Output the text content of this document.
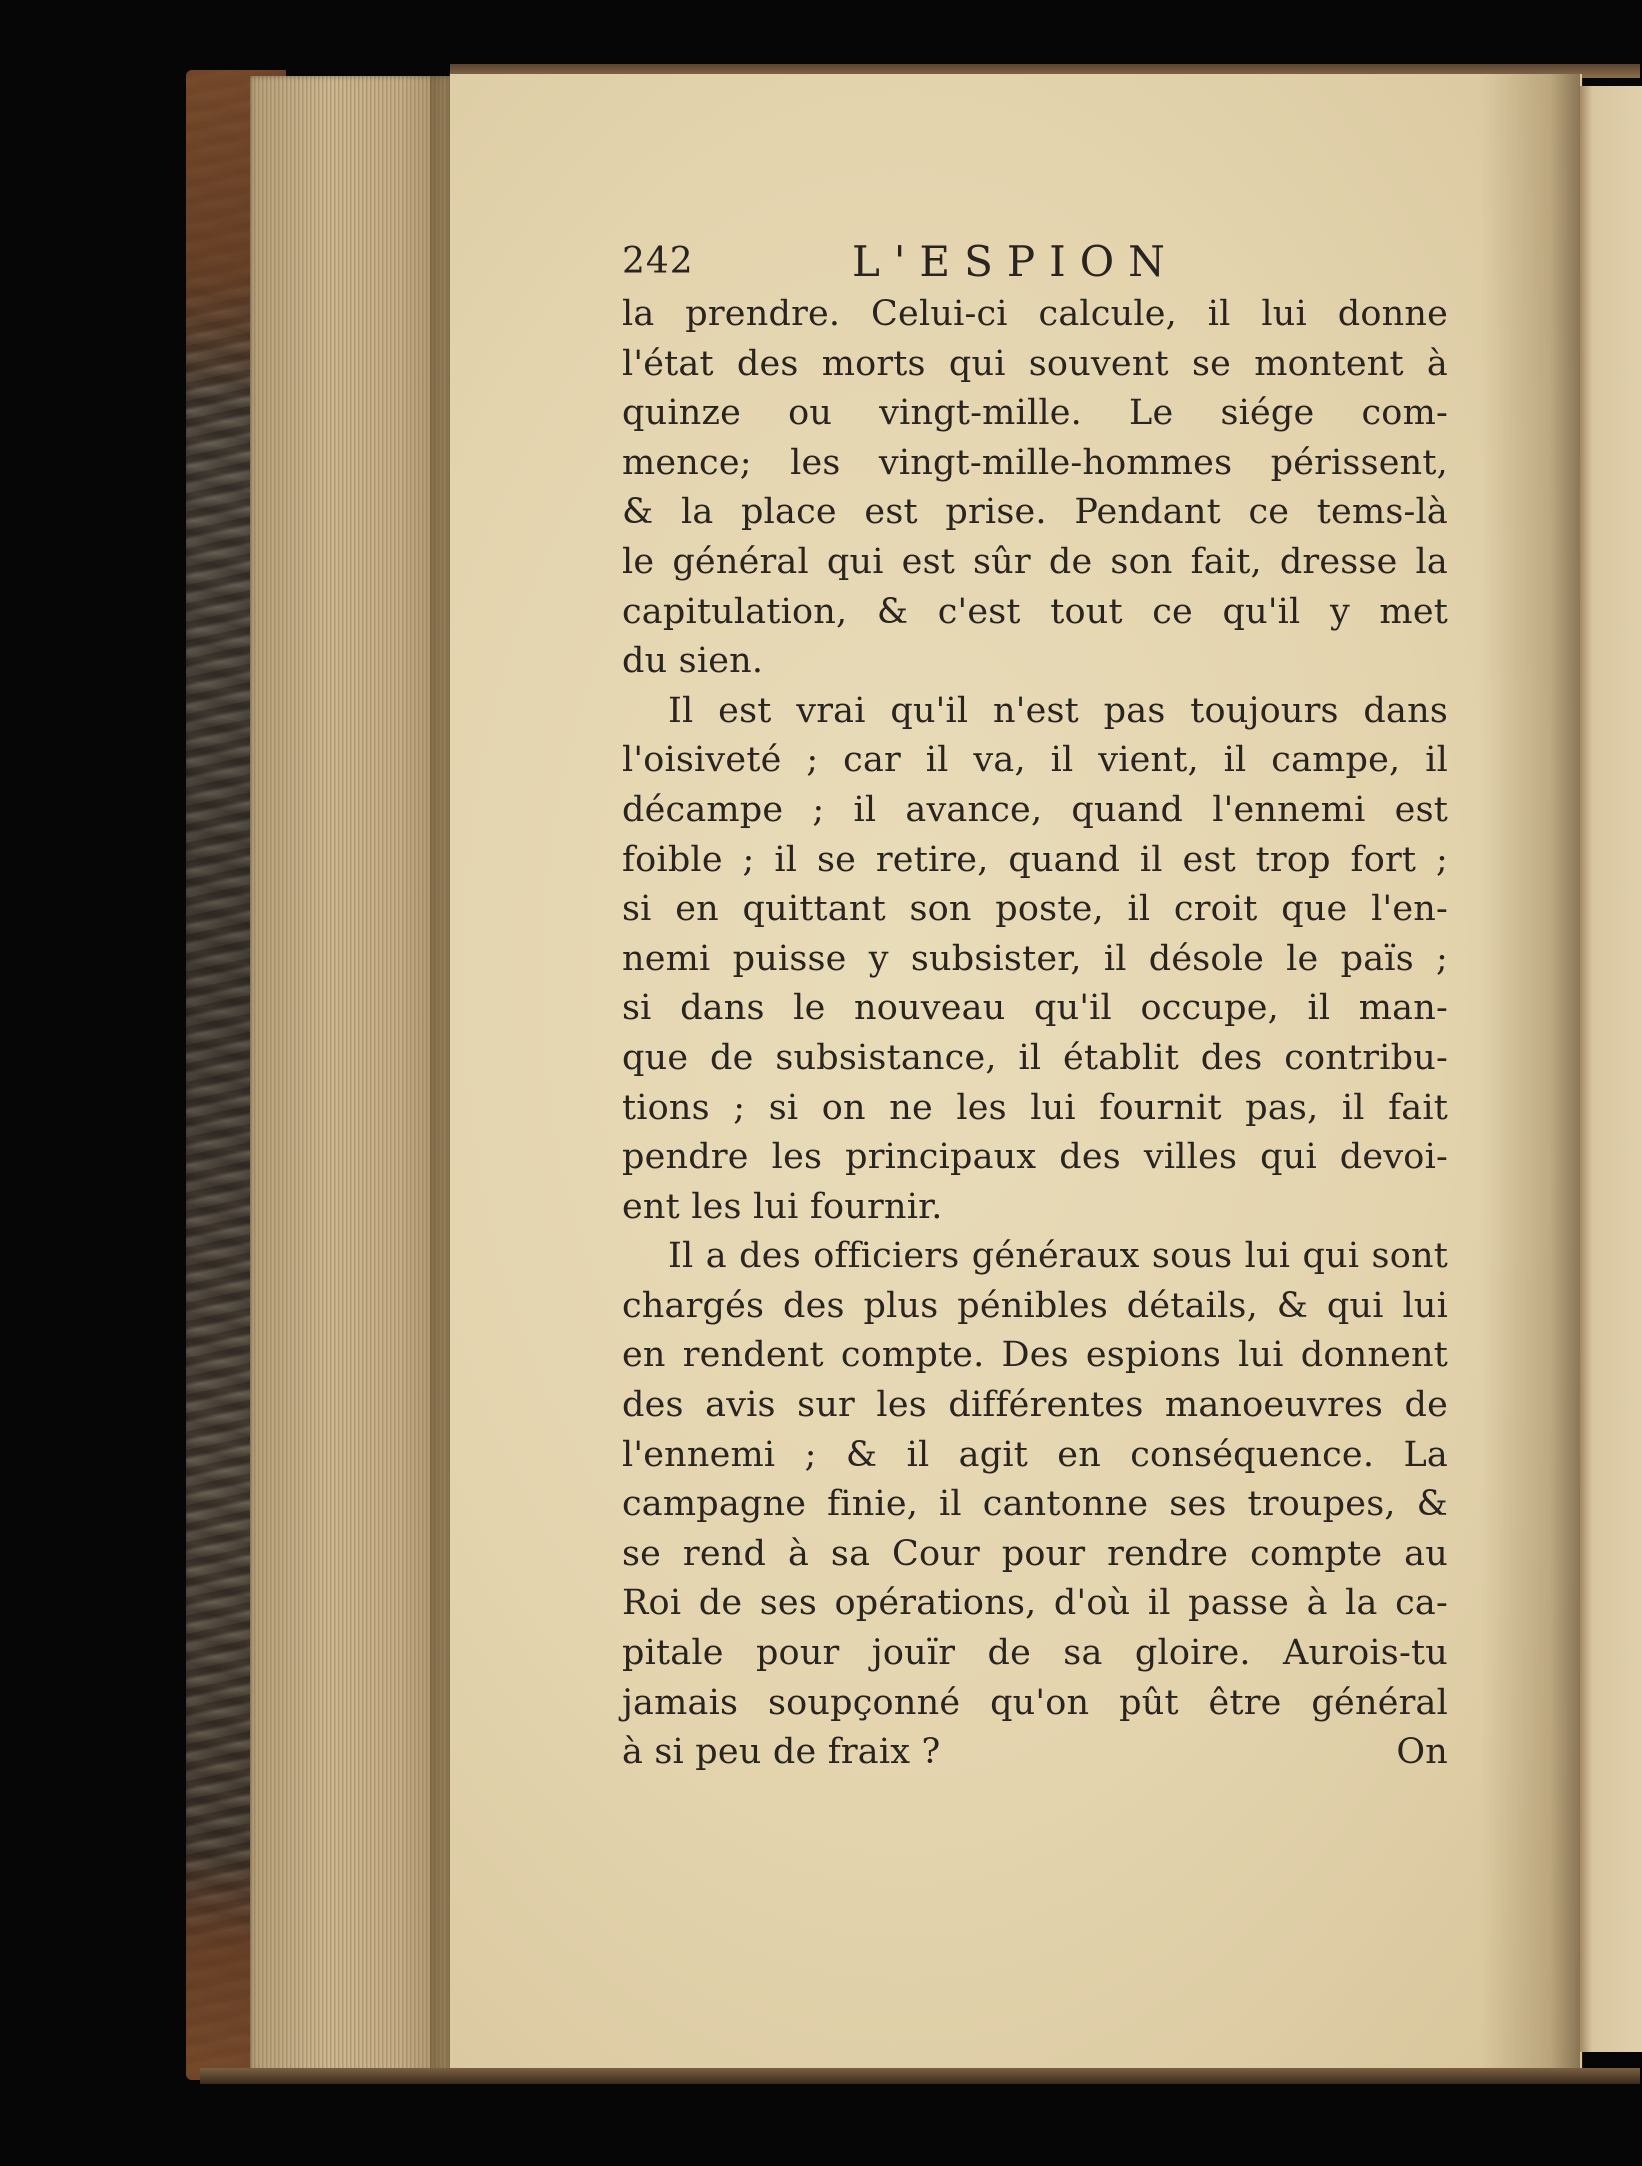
242	L'ESPION
la prendre. Celui-ci calcule, il lui donne
l'état des morts qui souvent se montent à
quinze ou vingt-mille. Le siége com-
mence; les vingt-mille-hommes périssent,
& la place est prise. Pendant ce tems-là
le général qui est sûr de son fait, dresse la
capitulation, & c'est tout ce qu'il y met
du sien.
Il est vrai qu'il n'est pas toujours dans
l'oisiveté ; car il va, il vient, il campe, il
décampe ; il avance, quand l'ennemi est
foible ; il se retire, quand il est trop fort ;
si en quittant son poste, il croit que l'en-
nemi puisse y subsister, il désole le païs ;
si dans le nouveau qu'il occupe, il man-
que de subsistance, il établit des contribu-
tions ; si on ne les lui fournit pas, il fait
pendre les principaux des villes qui devoi-
ent les lui fournir.
Il a des officiers généraux sous lui qui sont
chargés des plus pénibles détails, & qui lui
en rendent compte. Des espions lui donnent
des avis sur les différentes manoeuvres de
l'ennemi ; & il agit en conséquence. La
campagne finie, il cantonne ses troupes, &
se rend à sa Cour pour rendre compte au
Roi de ses opérations, d'où il passe à la ca-
pitale pour jouïr de sa gloire. Aurois-tu
jamais soupçonné qu'on pût être général
à si peu de fraix ?	On
